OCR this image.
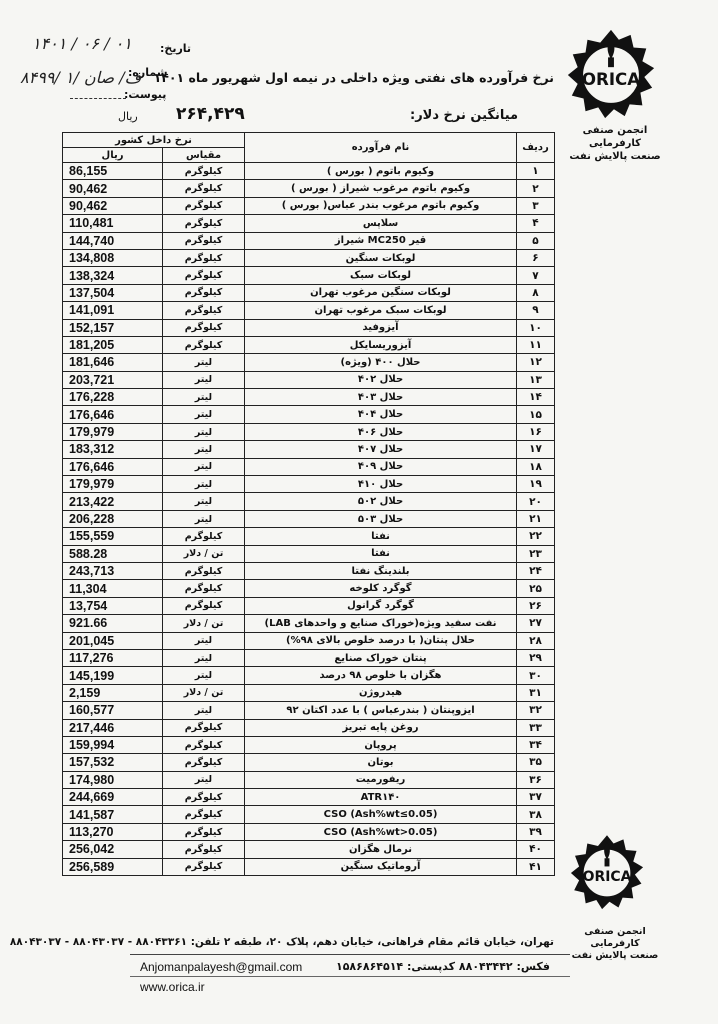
ORICA
انجمن صنفی کارفرمایی
صنعت پالایش نفت
تاریخ:
۱۴۰۱ / ۰۶ / ۰۱
شماره:
۸۴۹۹/ ۱/ ف/ صان
پیوست:
نرخ فرآورده های نفتی ویژه داخلی در نیمه اول شهریور ماه ۱۴۰۱
میانگین نرخ دلار:
۲۶۴,۴۲۹
ریال
نرخ داخل کشور		نام فرآورده	ردیف
ریال	مقیاس		
86,155	کیلوگرم	وکیوم باتوم ( بورس )	۱
90,462	کیلوگرم	وکیوم باتوم مرغوب شیراز ( بورس )	۲
90,462	کیلوگرم	وکیوم باتوم مرغوب بندر عباس( بورس )	۳
110,481	کیلوگرم	سلاپس	۴
144,740	کیلوگرم	قیر MC250 شیراز	۵
134,808	کیلوگرم	لوبکات سنگین	۶
138,324	کیلوگرم	لوبکات سبک	۷
137,504	کیلوگرم	لوبکات سنگین مرغوب تهران	۸
141,091	کیلوگرم	لوبکات سبک مرغوب تهران	۹
152,157	کیلوگرم	آیزوفید	۱۰
181,205	کیلوگرم	آیزوریسایکل	۱۱
181,646	لیتر	حلال ۴۰۰ (ویژه)	۱۲
203,721	لیتر	حلال ۴۰۲	۱۳
176,228	لیتر	حلال ۴۰۳	۱۴
176,646	لیتر	حلال ۴۰۴	۱۵
179,979	لیتر	حلال ۴۰۶	۱۶
183,312	لیتر	حلال ۴۰۷	۱۷
176,646	لیتر	حلال ۴۰۹	۱۸
179,979	لیتر	حلال ۴۱۰	۱۹
213,422	لیتر	حلال ۵۰۲	۲۰
206,228	لیتر	حلال ۵۰۳	۲۱
155,559	کیلوگرم	نفتا	۲۲
588.28	تن / دلار	نفتا	۲۳
243,713	کیلوگرم	بلندینگ نفتا	۲۴
11,304	کیلوگرم	گوگرد کلوخه	۲۵
13,754	کیلوگرم	گوگرد گرانول	۲۶
921.66	تن / دلار	نفت سفید ویژه(خوراک صنایع و واحدهای LAB)	۲۷
201,045	لیتر	حلال پنتان( با درصد خلوص بالای ۹۸%)	۲۸
117,276	لیتر	پنتان خوراک صنایع	۲۹
145,199	لیتر	هگزان با خلوص ۹۸ درصد	۳۰
2,159	تن / دلار	هیدروژن	۳۱
160,577	لیتر	ایزوپنتان ( بندرعباس ) با عدد اکتان ۹۲	۳۲
217,446	کیلوگرم	روغن پایه تبریز	۳۳
159,994	کیلوگرم	پروپان	۳۴
157,532	کیلوگرم	بوتان	۳۵
174,980	لیتر	ریفورمیت	۳۶
244,669	کیلوگرم	ATR۱۴۰	۳۷
141,587	کیلوگرم	CSO (Ash%wt≤0.05)	۳۸
113,270	کیلوگرم	CSO (Ash%wt>0.05)	۳۹
256,042	کیلوگرم	نرمال هگزان	۴۰
256,589	کیلوگرم	آروماتیک سنگین	۴۱
ORICA
انجمن صنفی کارفرمایی
صنعت پالایش نفت
تهران، خیابان قائم مقام فراهانی، خیابان دهم، پلاک ۲۰، طبقه ۲ تلفن: ۸۸۰۴۳۳۶۱ - ۸۸۰۴۳۰۳۷ - ۸۸۰۴۳۰۳۷
Anjomanpalayesh@gmail.com	فکس: ۸۸۰۴۳۴۴۲ کدپستی: ۱۵۸۶۸۶۴۵۱۴
www.orica.ir
